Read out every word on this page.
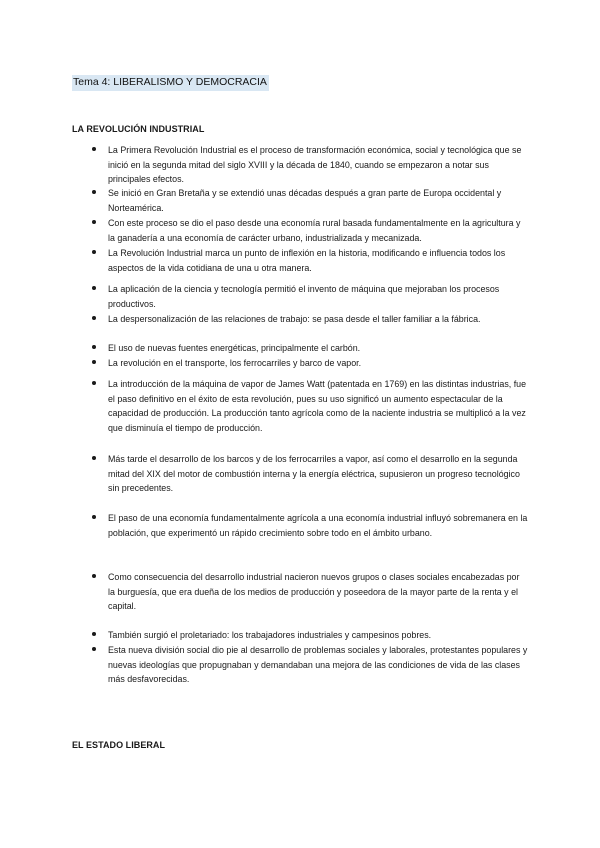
Tema 4: LIBERALISMO Y DEMOCRACIA
LA REVOLUCIÓN INDUSTRIAL
La Primera Revolución Industrial es el proceso de transformación económica, social y tecnológica que se inició en la segunda mitad del siglo XVIII y la década de 1840, cuando se empezaron a notar sus principales efectos.
Se inició en Gran Bretaña y se extendió unas décadas después a gran parte de Europa occidental y Norteamérica.
Con este proceso se dio el paso desde una economía rural basada fundamentalmente en la agricultura y la ganadería a una economía de carácter urbano, industrializada y mecanizada.
La Revolución Industrial marca un punto de inflexión en la historia, modificando e influencia todos los aspectos de la vida cotidiana de una u otra manera.
La aplicación de la ciencia y tecnología permitió el invento de máquina que mejoraban los procesos productivos.
La despersonalización de las relaciones de trabajo: se pasa desde el taller familiar a la fábrica.
El uso de nuevas fuentes energéticas, principalmente el carbón.
La revolución en el transporte, los ferrocarriles y barco de vapor.
La introducción de la máquina de vapor de James Watt (patentada en 1769) en las distintas industrias, fue el paso definitivo en el éxito de esta revolución, pues su uso significó un aumento espectacular de la capacidad de producción. La producción tanto agrícola como de la naciente industria se multiplicó a la vez que disminuía el tiempo de producción.
Más tarde el desarrollo de los barcos y de los ferrocarriles a vapor, así como el desarrollo en la segunda mitad del XIX del motor de combustión interna y la energía eléctrica, supusieron un progreso tecnológico sin precedentes.
El paso de una economía fundamentalmente agrícola a una economía industrial influyó sobremanera en la población, que experimentó un rápido crecimiento sobre todo en el ámbito urbano.
Como consecuencia del desarrollo industrial nacieron nuevos grupos o clases sociales encabezadas por la burguesía, que era dueña de los medios de producción y poseedora de la mayor parte de la renta y el capital.
También surgió el proletariado: los trabajadores industriales y campesinos pobres.
Esta nueva división social dio pie al desarrollo de problemas sociales y laborales, protestantes populares y nuevas ideologías que propugnaban y demandaban una mejora de las condiciones de vida de las clases más desfavorecidas.
EL ESTADO LIBERAL
